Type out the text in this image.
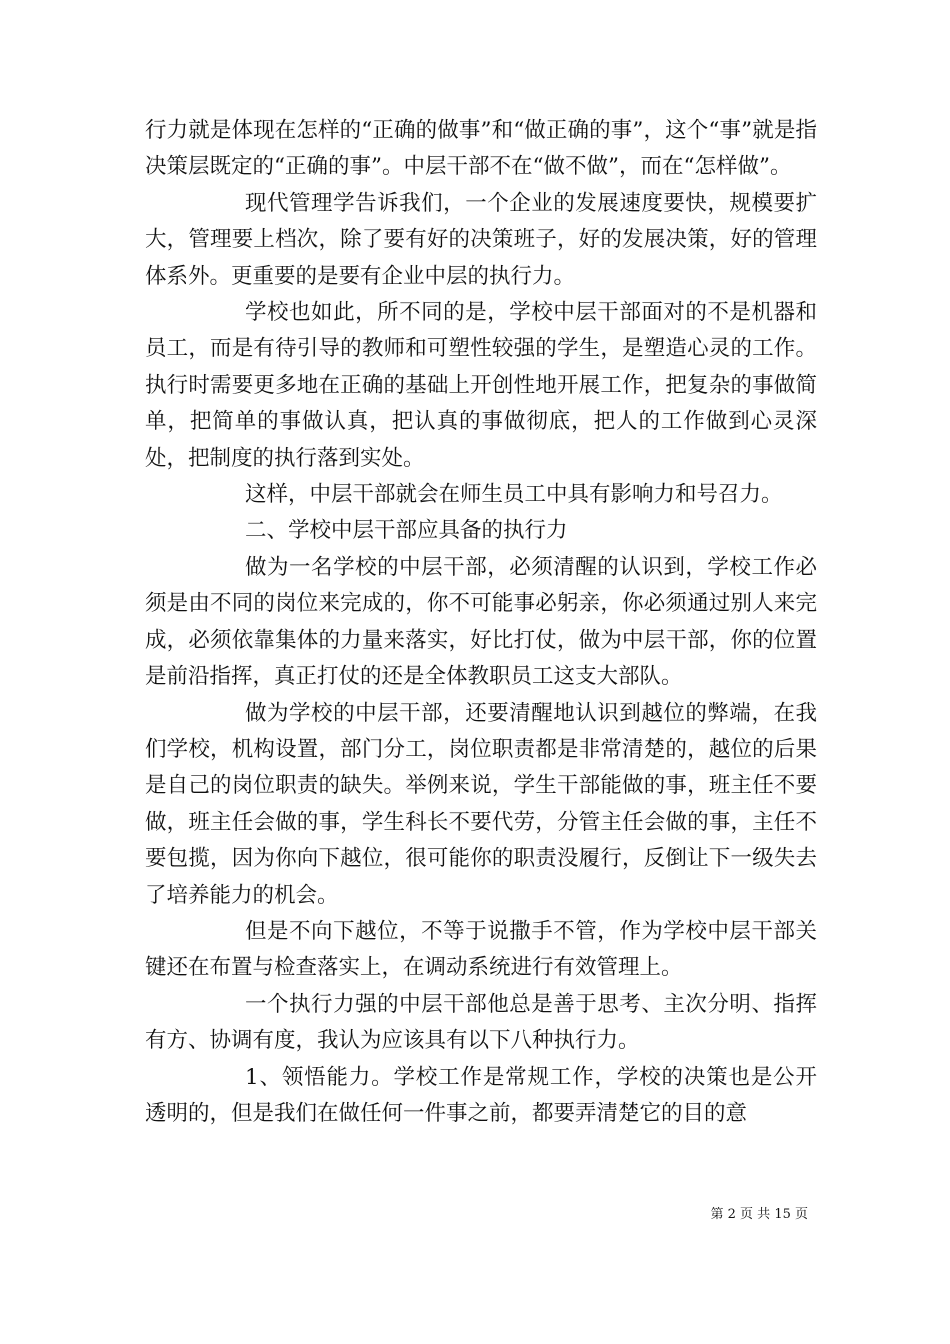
行力就是体现在怎样的“正确的做事”和“做正确的事”，这个“事”就是指决策层既定的“正确的事”。中层干部不在“做不做”，而在“怎样做”。

现代管理学告诉我们，一个企业的发展速度要快，规模要扩大，管理要上档次，除了要有好的决策班子，好的发展决策，好的管理体系外。更重要的是要有企业中层的执行力。

学校也如此，所不同的是，学校中层干部面对的不是机器和员工，而是有待引导的教师和可塑性较强的学生，是塑造心灵的工作。执行时需要更多地在正确的基础上开创性地开展工作，把复杂的事做简单，把简单的事做认真，把认真的事做彻底，把人的工作做到心灵深处，把制度的执行落到实处。

这样，中层干部就会在师生员工中具有影响力和号召力。

二、学校中层干部应具备的执行力

做为一名学校的中层干部，必须清醒的认识到，学校工作必须是由不同的岗位来完成的，你不可能事必躬亲，你必须通过别人来完成，必须依靠集体的力量来落实，好比打仗，做为中层干部，你的位置是前沿指挥，真正打仗的还是全体教职员工这支大部队。

做为学校的中层干部，还要清醒地认识到越位的弊端，在我们学校，机构设置，部门分工，岗位职责都是非常清楚的，越位的后果是自己的岗位职责的缺失。举例来说，学生干部能做的事，班主任不要做，班主任会做的事，学生科长不要代劳，分管主任会做的事，主任不要包揽，因为你向下越位，很可能你的职责没履行，反倒让下一级失去了培养能力的机会。

但是不向下越位，不等于说撒手不管，作为学校中层干部关键还在布置与检查落实上，在调动系统进行有效管理上。

一个执行力强的中层干部他总是善于思考、主次分明、指挥有方、协调有度，我认为应该具有以下八种执行力。

1、领悟能力。学校工作是常规工作，学校的决策也是公开透明的，但是我们在做任何一件事之前，都要弄清楚它的目的意

第 2 页 共 15 页
